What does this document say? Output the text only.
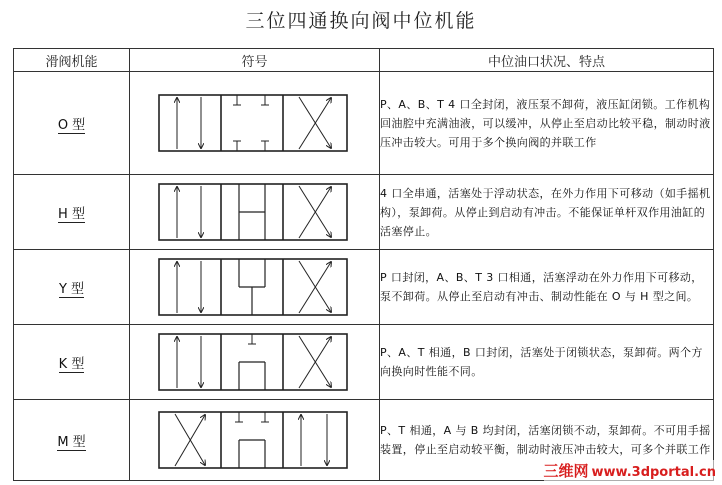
三位四通换向阀中位机能
滑阀机能	符号	中位油口状况、特点
O 型		P、A、B、T 4 口全封闭，液压泵不卸荷，液压缸闭锁。工作机构回油腔中充满油液，可以缓冲，从停止至启动比较平稳，制动时液压冲击较大。可用于多个换向阀的并联工作
H 型		4 口全串通，活塞处于浮动状态，在外力作用下可移动（如手摇机构），泵卸荷。从停止到启动有冲击。不能保证单杆双作用油缸的活塞停止。
Y 型		P 口封闭，A、B、T 3 口相通，活塞浮动在外力作用下可移动，泵不卸荷。从停止至启动有冲击、制动性能在 O 与 H 型之间。
K 型		P、A、T 相通，B 口封闭，活塞处于闭锁状态，泵卸荷。两个方向换向时性能不同。
M 型		P、T 相通，A 与 B 均封闭，活塞闭锁不动，泵卸荷。不可用手摇装置，停止至启动较平衡，制动时液压冲击较大，可多个并联工作
三维网 www.3dportal.cn
